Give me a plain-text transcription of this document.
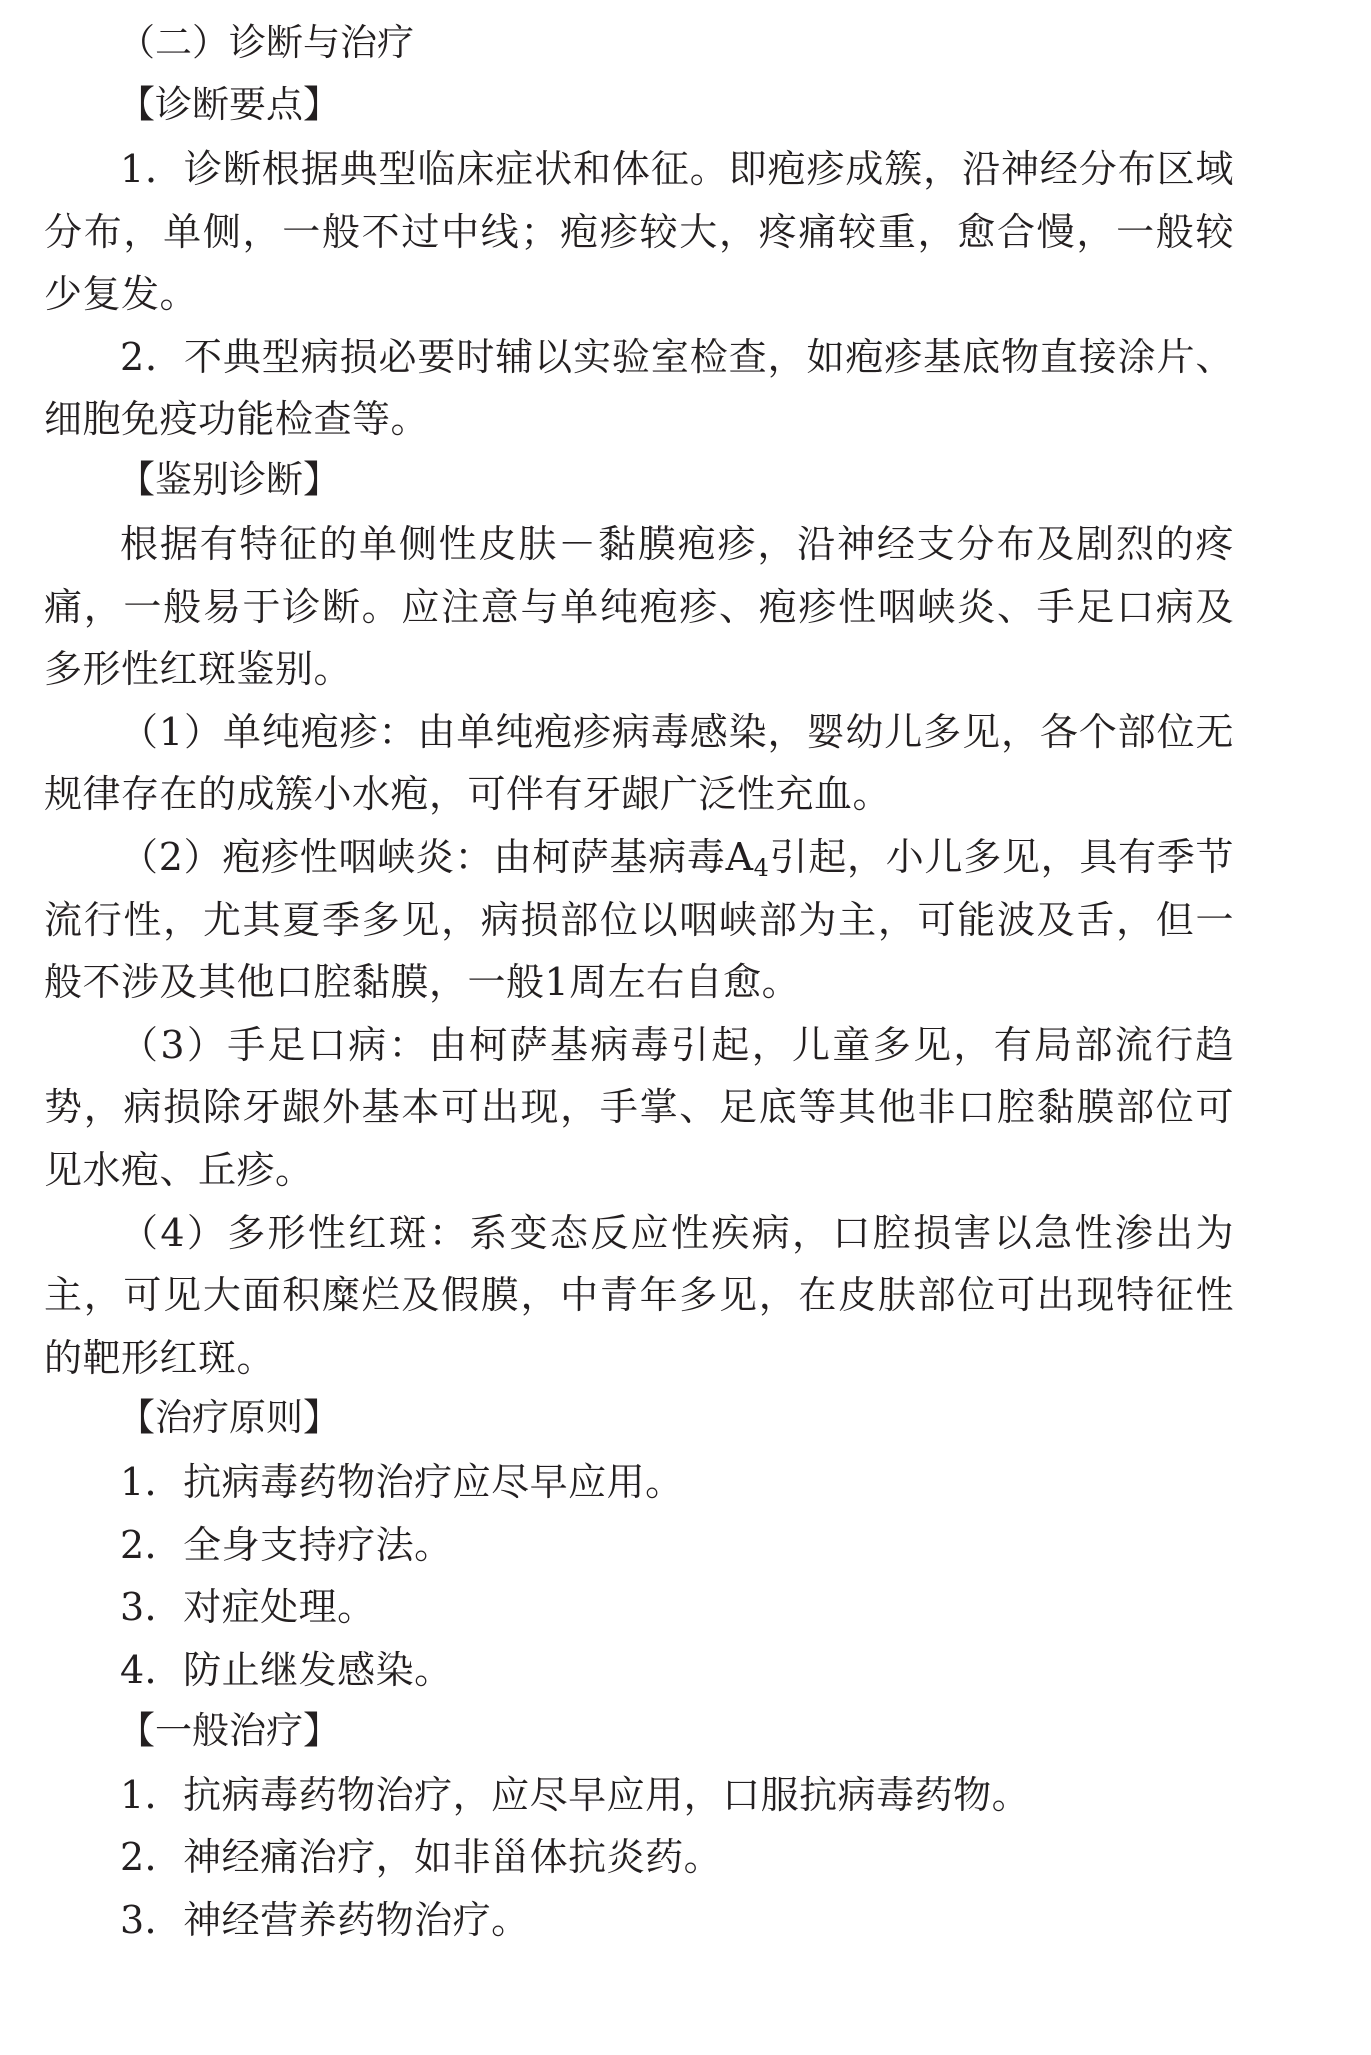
（二）诊断与治疗
【诊断要点】
1．诊断根据典型临床症状和体征。即疱疹成簇，沿神经分布区域分布，单侧，一般不过中线；疱疹较大，疼痛较重，愈合慢，一般较少复发。
2．不典型病损必要时辅以实验室检查，如疱疹基底物直接涂片、细胞免疫功能检查等。
【鉴别诊断】
根据有特征的单侧性皮肤－黏膜疱疹，沿神经支分布及剧烈的疼痛，一般易于诊断。应注意与单纯疱疹、疱疹性咽峡炎、手足口病及多形性红斑鉴别。
（1）单纯疱疹：由单纯疱疹病毒感染，婴幼儿多见，各个部位无规律存在的成簇小水疱，可伴有牙龈广泛性充血。
（2）疱疹性咽峡炎：由柯萨基病毒$A_4$引起，小儿多见，具有季节流行性，尤其夏季多见，病损部位以咽峡部为主，可能波及舌，但一般不涉及其他口腔黏膜，一般1周左右自愈。
（3）手足口病：由柯萨基病毒引起，儿童多见，有局部流行趋势，病损除牙龈外基本可出现，手掌、足底等其他非口腔黏膜部位可见水疱、丘疹。
（4）多形性红斑：系变态反应性疾病，口腔损害以急性渗出为主，可见大面积糜烂及假膜，中青年多见，在皮肤部位可出现特征性的靶形红斑。
【治疗原则】
1．抗病毒药物治疗应尽早应用。
2．全身支持疗法。
3．对症处理。
4．防止继发感染。
【一般治疗】
1．抗病毒药物治疗，应尽早应用，口服抗病毒药物。
2．神经痛治疗，如非甾体抗炎药。
3．神经营养药物治疗。
